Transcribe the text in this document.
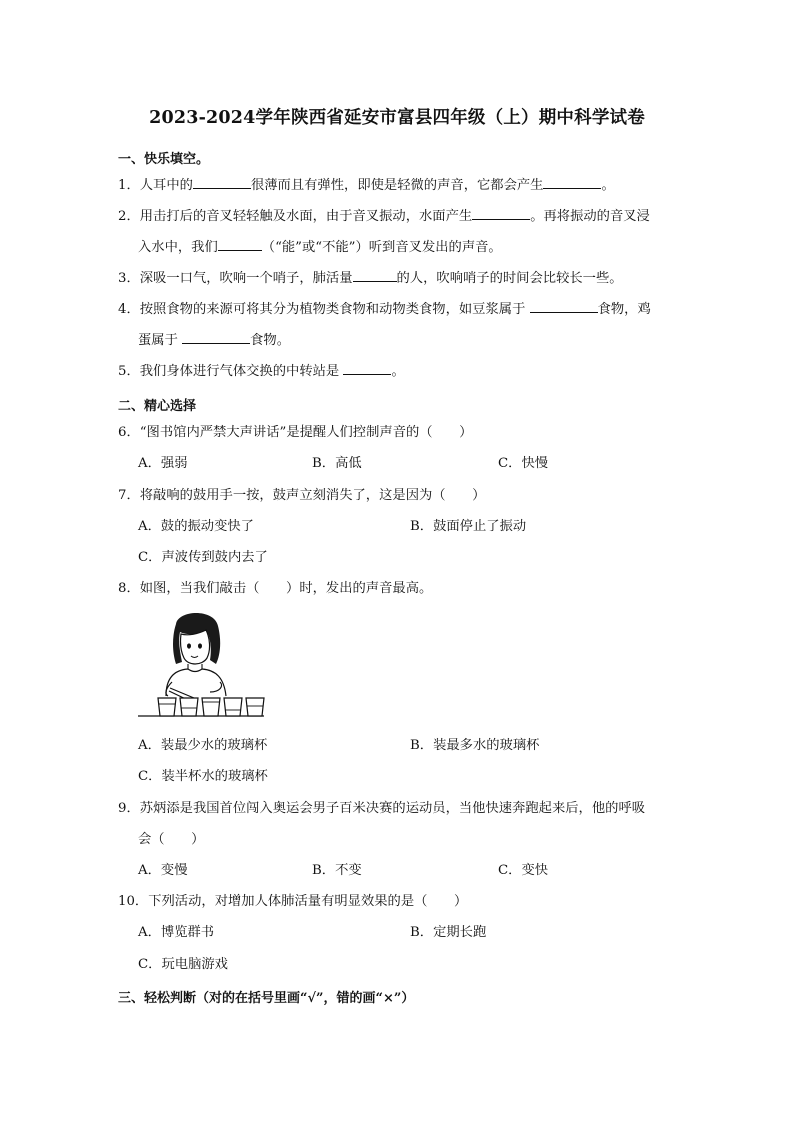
2023-2024学年陕西省延安市富县四年级（上）期中科学试卷
一、快乐填空。
1．人耳中的	很薄而且有弹性，即使是轻微的声音，它都会产生	。
2．用击打后的音叉轻轻触及水面，由于音叉振动，水面产生	。再将振动的音叉浸
入水中，我们	（“能”或“不能”）听到音叉发出的声音。
3．深吸一口气，吹响一个哨子，肺活量	的人，吹响哨子的时间会比较长一些。
4．按照食物的来源可将其分为植物类食物和动物类食物，如豆浆属于	食物，鸡
蛋属于	食物。
5．我们身体进行气体交换的中转站是	。
二、精心选择
6．“图书馆内严禁大声讲话”是提醒人们控制声音的（　　）
A．强弱	B．高低	C．快慢
7．将敲响的鼓用手一按，鼓声立刻消失了，这是因为（　　）
A．鼓的振动变快了	B．鼓面停止了振动
C．声波传到鼓内去了
8．如图，当我们敲击（　　）时，发出的声音最高。
A．装最少水的玻璃杯	B．装最多水的玻璃杯
C．装半杯水的玻璃杯
9．苏炳添是我国首位闯入奥运会男子百米决赛的运动员，当他快速奔跑起来后，他的呼吸
会（　　）
A．变慢	B．不变	C．变快
10．下列活动，对增加人体肺活量有明显效果的是（　　）
A．博览群书	B．定期长跑
C．玩电脑游戏
三、轻松判断（对的在括号里画“√”，错的画“×”）
